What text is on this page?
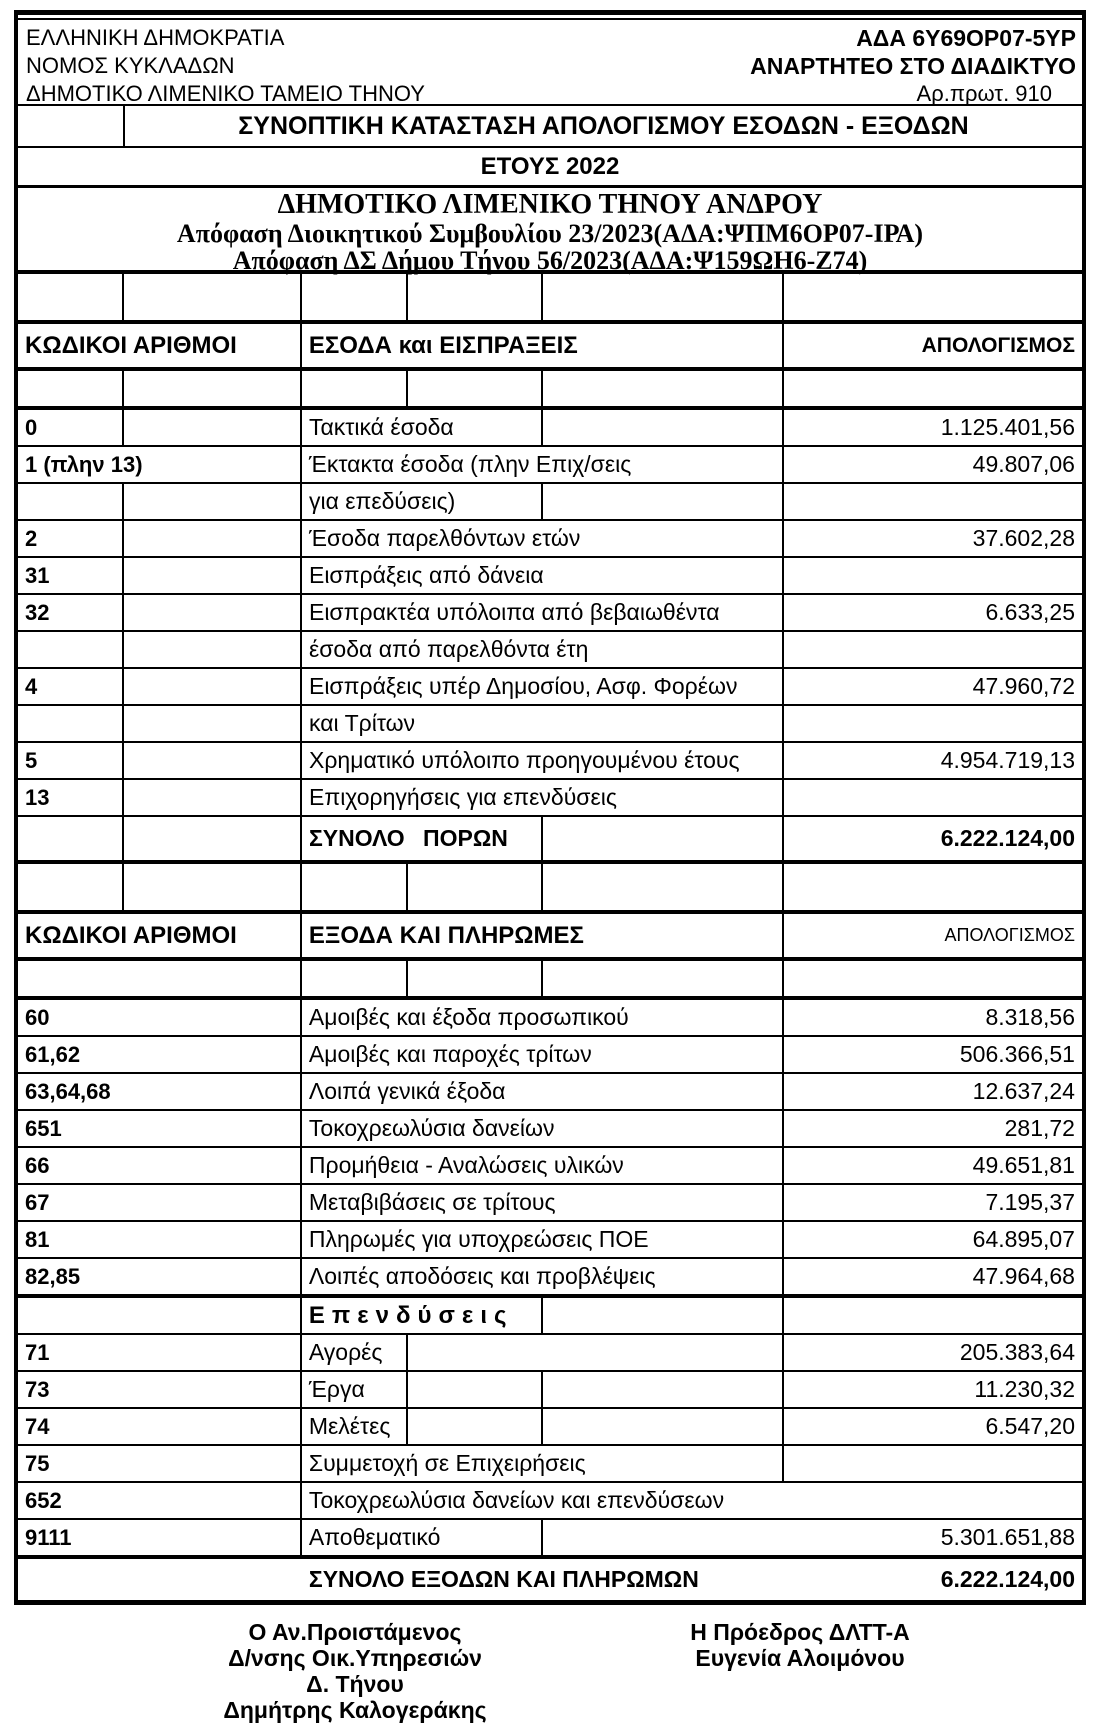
ΕΛΛΗΝΙΚΗ ΔΗΜΟΚΡΑΤΙΑ
ΝΟΜΟΣ ΚΥΚΛΑΔΩΝ
ΔΗΜΟΤΙΚΟ ΛΙΜΕΝΙΚΟ ΤΑΜΕΙΟ ΤΗΝΟΥ
ΑΔΑ 6Υ69ΟΡ07-5ΥΡ
ΑΝΑΡΤΗΤΕΟ ΣΤΟ ΔΙΑΔΙΚΤΥΟ
Αρ.πρωτ. 910
ΣΥΝΟΠΤΙΚΗ ΚΑΤΑΣΤΑΣΗ ΑΠΟΛΟΓΙΣΜΟΥ ΕΣΟΔΩΝ - ΕΞΟΔΩΝ
ΕΤΟΥΣ 2022
ΔΗΜΟΤΙΚΟ ΛΙΜΕΝΙΚΟ ΤΗΝΟΥ ΑΝΔΡΟΥ
Απόφαση Διοικητικού Συμβουλίου 23/2023(ΑΔΑ:ΨΠΜ6ΟΡ07-ΙΡΑ)
Απόφαση ΔΣ Δήμου Τήνου 56/2023(ΑΔΑ:Ψ159ΩΗ6-Ζ74)
ΚΩΔΙΚΟΙ ΑΡΙΘΜΟΙ	ΕΣΟΔΑ και ΕΙΣΠΡΑΞΕΙΣ	ΑΠΟΛΟΓΙΣΜΟΣ
0	Τακτικά έσοδα	1.125.401,56
1 (πλην 13)	Έκτακτα έσοδα (πλην Επιχ/σεις	49.807,06
για επεδύσεις)
2	Έσοδα παρελθόντων ετών	37.602,28
31	Εισπράξεις από δάνεια
32	Εισπρακτέα υπόλοιπα από βεβαιωθέντα	6.633,25
έσοδα από παρελθόντα έτη
4	Εισπράξεις υπέρ Δημοσίου, Ασφ. Φορέων	47.960,72
και Τρίτων
5	Χρηματικό υπόλοιπο προηγουμένου έτους	4.954.719,13
13	Επιχορηγήσεις για επενδύσεις
ΣΥΝΟΛΟ ΠΟΡΩΝ	6.222.124,00
ΚΩΔΙΚΟΙ ΑΡΙΘΜΟΙ	ΕΞΟΔΑ ΚΑΙ ΠΛΗΡΩΜΕΣ	ΑΠΟΛΟΓΙΣΜΟΣ
60	Αμοιβές και έξοδα προσωπικού	8.318,56
61,62	Αμοιβές και παροχές τρίτων	506.366,51
63,64,68	Λοιπά γενικά έξοδα	12.637,24
651	Τοκοχρεωλύσια δανείων	281,72
66	Προμήθεια - Αναλώσεις υλικών	49.651,81
67	Μεταβιβάσεις σε τρίτους	7.195,37
81	Πληρωμές για υποχρεώσεις ΠΟΕ	64.895,07
82,85	Λοιπές αποδόσεις και προβλέψεις	47.964,68
Επενδύσεις
71	Αγορές	205.383,64
73	Έργα	11.230,32
74	Μελέτες	6.547,20
75	Συμμετοχή σε Επιχειρήσεις
652	Τοκοχρεωλύσια δανείων και επενδύσεων
9111	Αποθεματικό	5.301.651,88
ΣΥΝΟΛΟ ΕΞΟΔΩΝ ΚΑΙ ΠΛΗΡΩΜΩΝ	6.222.124,00
Ο Αν.Προιστάμενος
Δ/νσης Οικ.Υπηρεσιών
Δ. Τήνου
Δημήτρης Καλογεράκης
Η Πρόεδρος ΔΛΤΤ-Α
Ευγενία Αλοιμόνου
